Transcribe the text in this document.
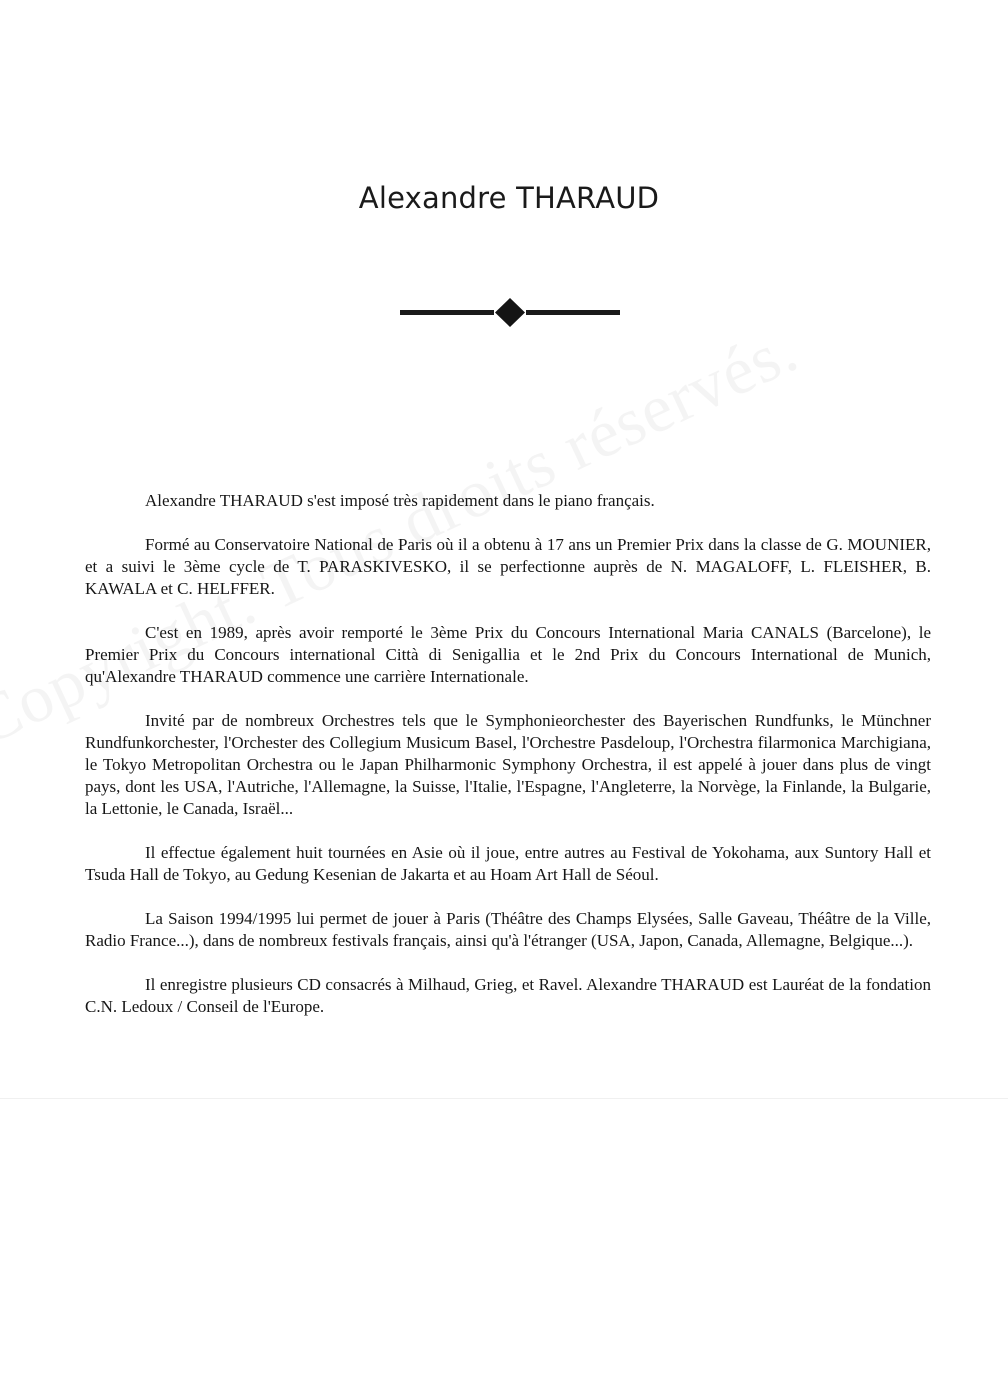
Alexandre THARAUD

Alexandre THARAUD s'est imposé très rapidement dans le piano français.

Formé au Conservatoire National de Paris où il a obtenu à 17 ans un Premier Prix dans la classe de G. MOUNIER, et a suivi le 3ème cycle de T. PARASKIVESKO, il se perfectionne auprès de N. MAGALOFF, L. FLEISHER, B. KAWALA et C. HELFFER.

C'est en 1989, après avoir remporté le 3ème Prix du Concours International Maria CANALS (Barcelone), le Premier Prix du Concours international Città di Senigallia et le 2nd Prix du Concours International de Munich, qu'Alexandre THARAUD commence une carrière Internationale.

Invité par de nombreux Orchestres tels que le Symphonieorchester des Bayerischen Rundfunks, le Münchner Rundfunkorchester, l'Orchester des Collegium Musicum Basel, l'Orchestre Pasdeloup, l'Orchestra filarmonica Marchigiana, le Tokyo Metropolitan Orchestra ou le Japan Philharmonic Symphony Orchestra, il est appelé à jouer dans plus de vingt pays, dont les USA, l'Autriche, l'Allemagne, la Suisse, l'Italie, l'Espagne, l'Angleterre, la Norvège, la Finlande, la Bulgarie, la Lettonie, le Canada, Israël...

Il effectue également huit tournées en Asie où il joue, entre autres au Festival de Yokohama, aux Suntory Hall et Tsuda Hall de Tokyo, au Gedung Kesenian de Jakarta et au Hoam Art Hall de Séoul.

La Saison 1994/1995 lui permet de jouer à Paris (Théâtre des Champs Elysées, Salle Gaveau, Théâtre de la Ville, Radio France...), dans de nombreux festivals français, ainsi qu'à l'étranger (USA, Japon, Canada, Allemagne, Belgique...).

Il enregistre plusieurs CD consacrés à Milhaud, Grieg, et Ravel. Alexandre THARAUD est Lauréat de la fondation C.N. Ledoux / Conseil de l'Europe.
